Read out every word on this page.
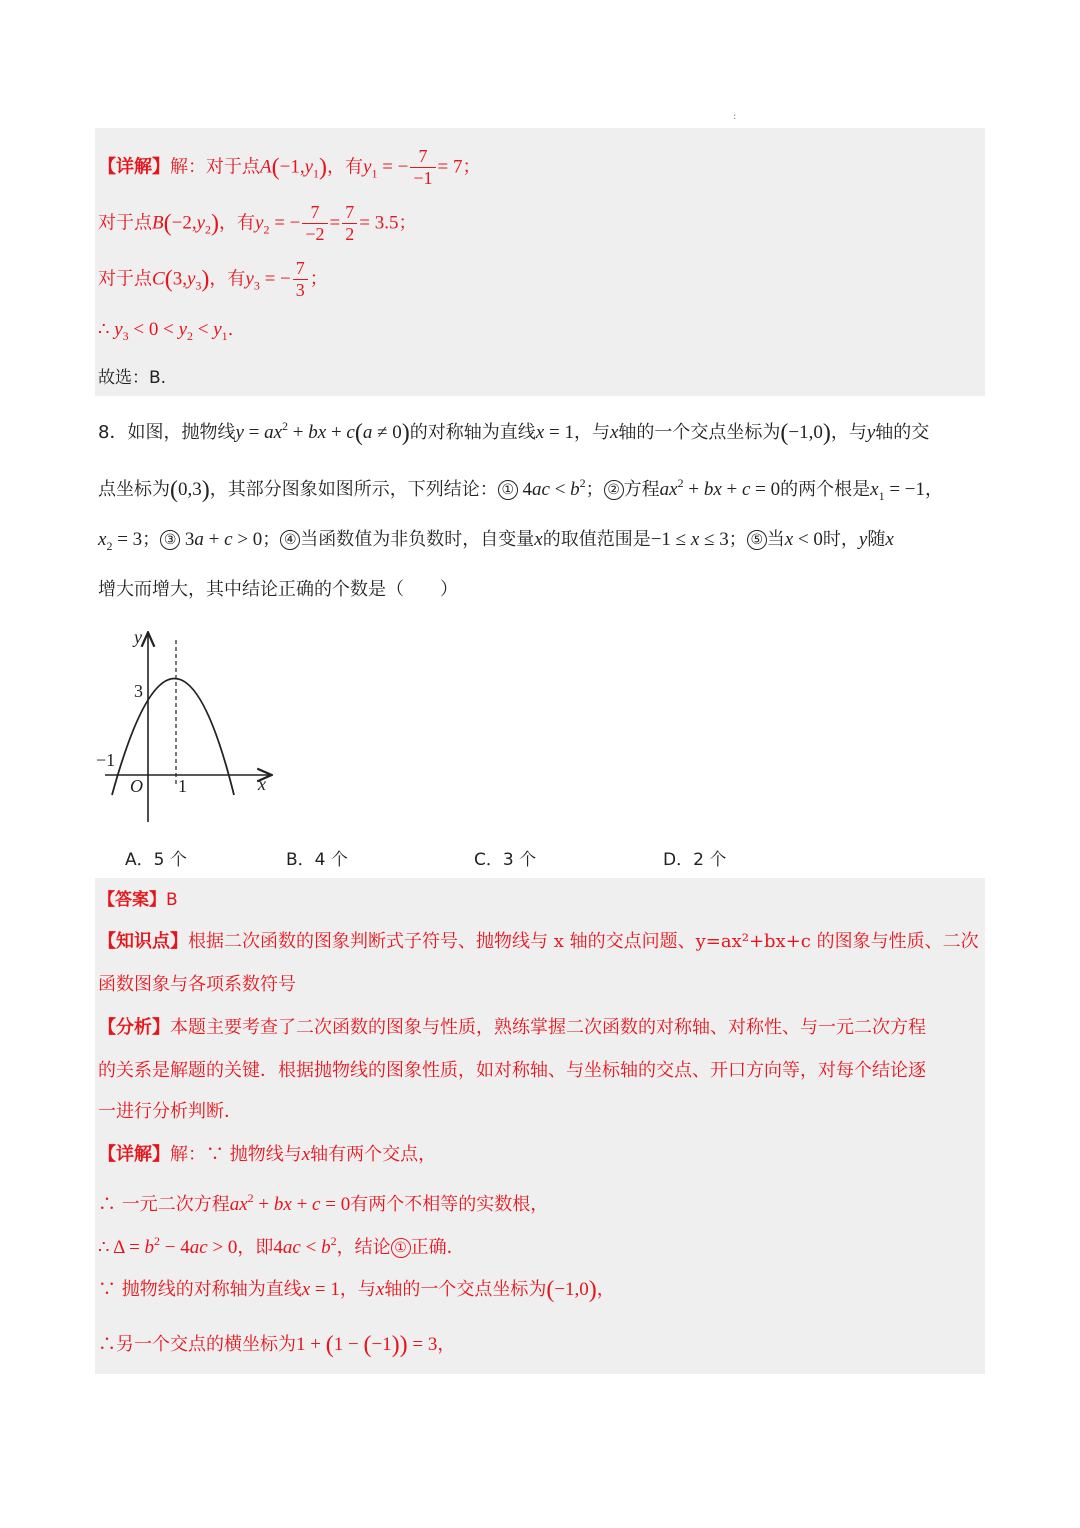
:
【详解】解：对于点$A(-1,y_1)$，有$y_1$ = − $\frac{7}{-1} = 7$；
对于点$B(-2,y_2)$，有$y_2$ = − $\frac{7}{-2} = \frac{7}{2} = 3.5$；
对于点$C(3,y_3)$，有$y_3$ = − $\frac{7}{3}$ ；
∴ $y_3 < 0 < y_2 < y_1$.
故选：B.
8．如图，抛物线$y = ax^2$ + bx + c(a ≠ 0)的对称轴为直线x = 1，与x轴的一个交点坐标为(−1,0)，与y轴的交
点坐标为(0,3)，其部分图象如图所示，下列结论： ① $4ac < b^2$； ② 方程$ax^2$ + bx + c = 0的两个根是$x_1 = -1$，
$x_2 = 3$； ③ 3a + c > 0； ④ 当函数值为非负数时，自变量x的取值范围是−1 ≤ x ≤ 3； ⑤ 当x < 0时，y随x
增大而增大，其中结论正确的个数是（　　）
y
x
O
3
−1
1
A．5 个	B．4 个	C．3 个	D．2 个
【答案】B
【知识点】根据二次函数的图象判断式子符号、抛物线与 x 轴的交点问题、y=ax²+bx+c 的图象与性质、二次
函数图象与各项系数符号
【分析】本题主要考查了二次函数的图象与性质，熟练掌握二次函数的对称轴、对称性、与一元二次方程
的关系是解题的关键．根据抛物线的图象性质，如对称轴、与坐标轴的交点、开口方向等，对每个结论逐
一进行分析判断．
【详解】解：∵ 抛物线与x轴有两个交点，
∴ 一元二次方程$ax^2$ + bx + c = 0有两个不相等的实数根，
∴ $\Delta = b^2 - 4ac > 0$，即$4ac < b^2$，结论 ① 正确．
∵ 抛物线的对称轴为直线x = 1，与x轴的一个交点坐标为(−1,0)，
∴另一个交点的横坐标为1 + (1 − (−1)) = 3，
